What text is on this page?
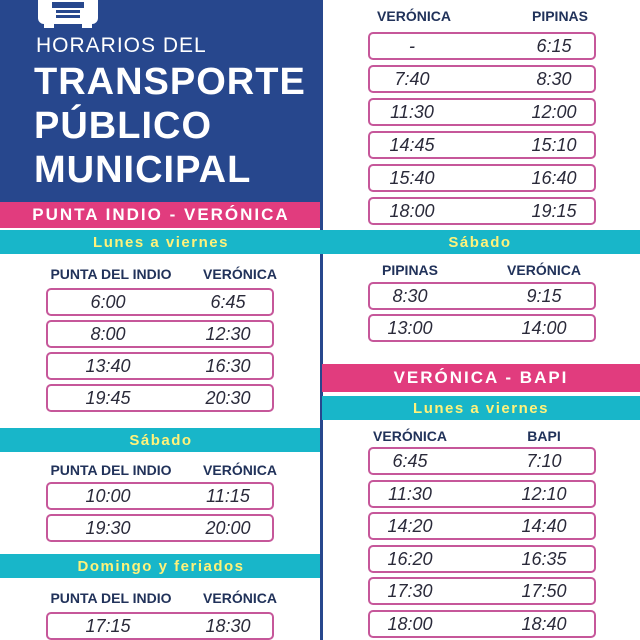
HORARIOS DEL
TRANSPORTE
PÚBLICO
MUNICIPAL
PUNTA INDIO - VERÓNICA
Lunes a viernes
PUNTA DEL INDIO	VERÓNICA
6:00	6:45
8:00	12:30
13:40	16:30
19:45	20:30
Sábado
PUNTA DEL INDIO	VERÓNICA
10:00	11:15
19:30	20:00
Domingo y feriados
PUNTA DEL INDIO	VERÓNICA
17:15	18:30
VERÓNICA	PIPINAS
-	6:15
7:40	8:30
11:30	12:00
14:45	15:10
15:40	16:40
18:00	19:15
Sábado
PIPINAS	VERÓNICA
8:30	9:15
13:00	14:00
VERÓNICA - BAPI
Lunes a viernes
VERÓNICA	BAPI
6:45	7:10
11:30	12:10
14:20	14:40
16:20	16:35
17:30	17:50
18:00	18:40
